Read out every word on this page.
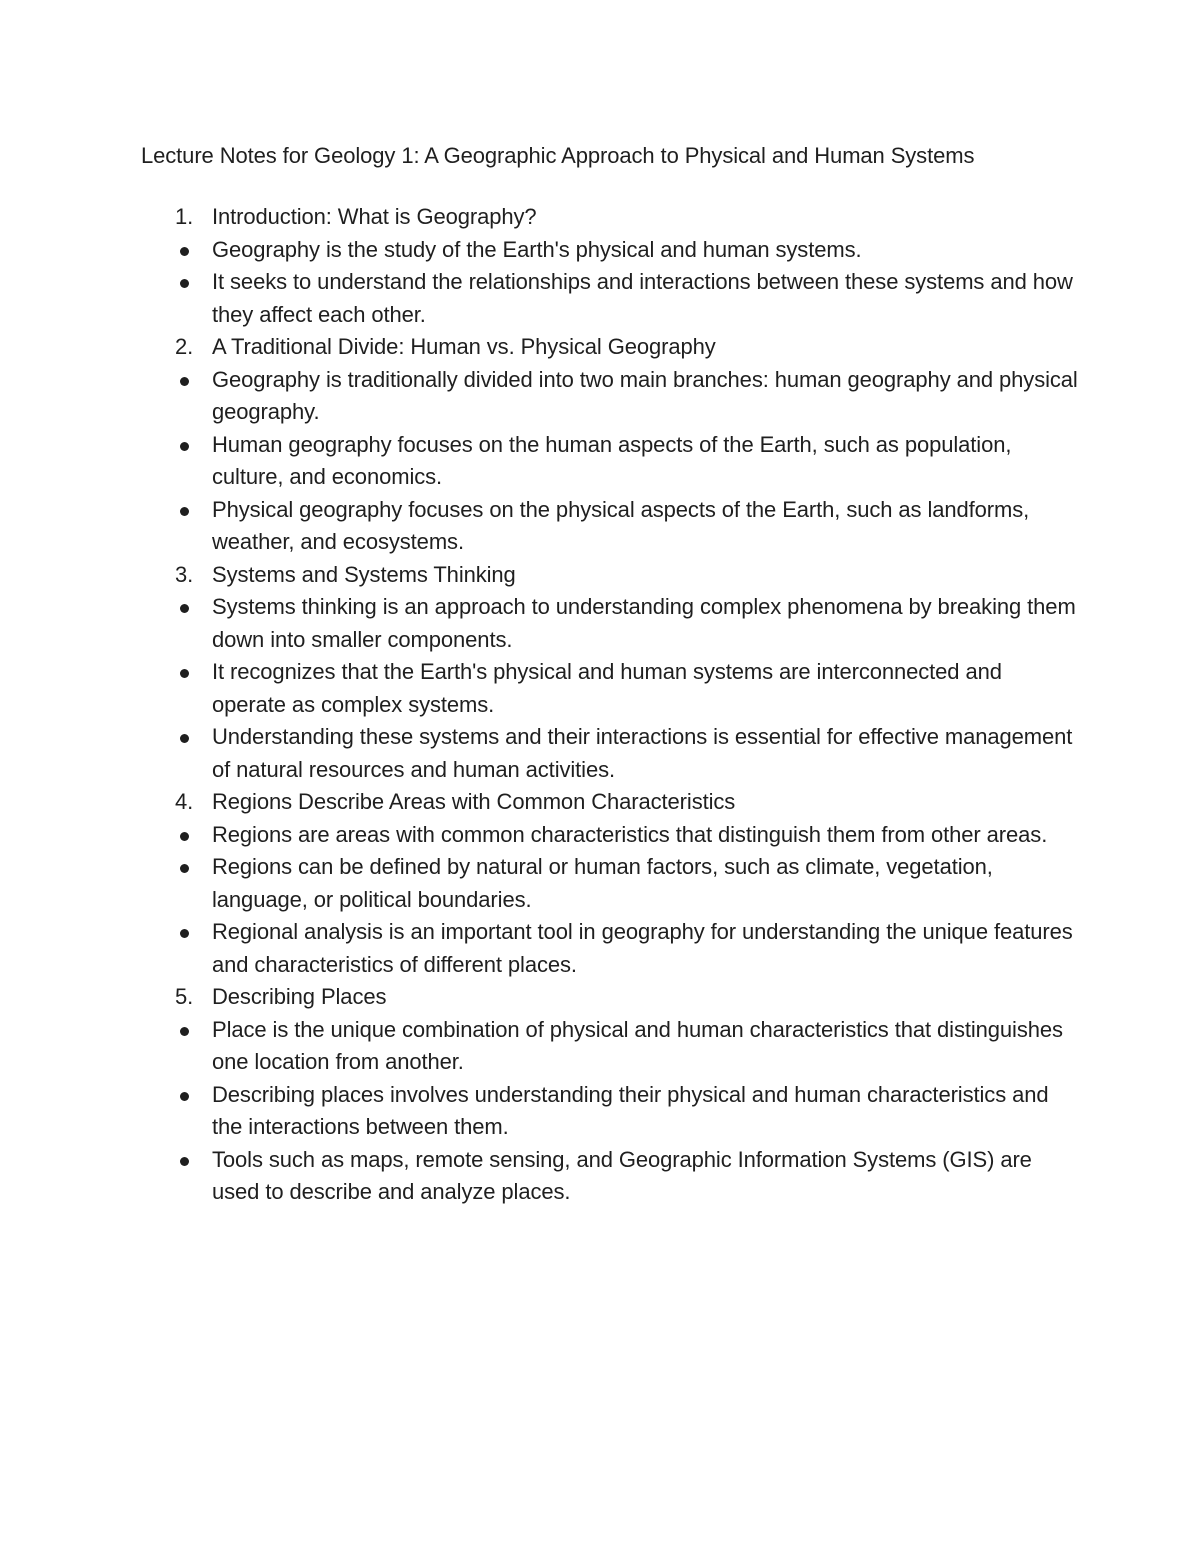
Lecture Notes for Geology 1: A Geographic Approach to Physical and Human Systems
1. Introduction: What is Geography?
Geography is the study of the Earth's physical and human systems.
It seeks to understand the relationships and interactions between these systems and how they affect each other.
2. A Traditional Divide: Human vs. Physical Geography
Geography is traditionally divided into two main branches: human geography and physical geography.
Human geography focuses on the human aspects of the Earth, such as population, culture, and economics.
Physical geography focuses on the physical aspects of the Earth, such as landforms, weather, and ecosystems.
3. Systems and Systems Thinking
Systems thinking is an approach to understanding complex phenomena by breaking them down into smaller components.
It recognizes that the Earth's physical and human systems are interconnected and operate as complex systems.
Understanding these systems and their interactions is essential for effective management of natural resources and human activities.
4. Regions Describe Areas with Common Characteristics
Regions are areas with common characteristics that distinguish them from other areas.
Regions can be defined by natural or human factors, such as climate, vegetation, language, or political boundaries.
Regional analysis is an important tool in geography for understanding the unique features and characteristics of different places.
5. Describing Places
Place is the unique combination of physical and human characteristics that distinguishes one location from another.
Describing places involves understanding their physical and human characteristics and the interactions between them.
Tools such as maps, remote sensing, and Geographic Information Systems (GIS) are used to describe and analyze places.
